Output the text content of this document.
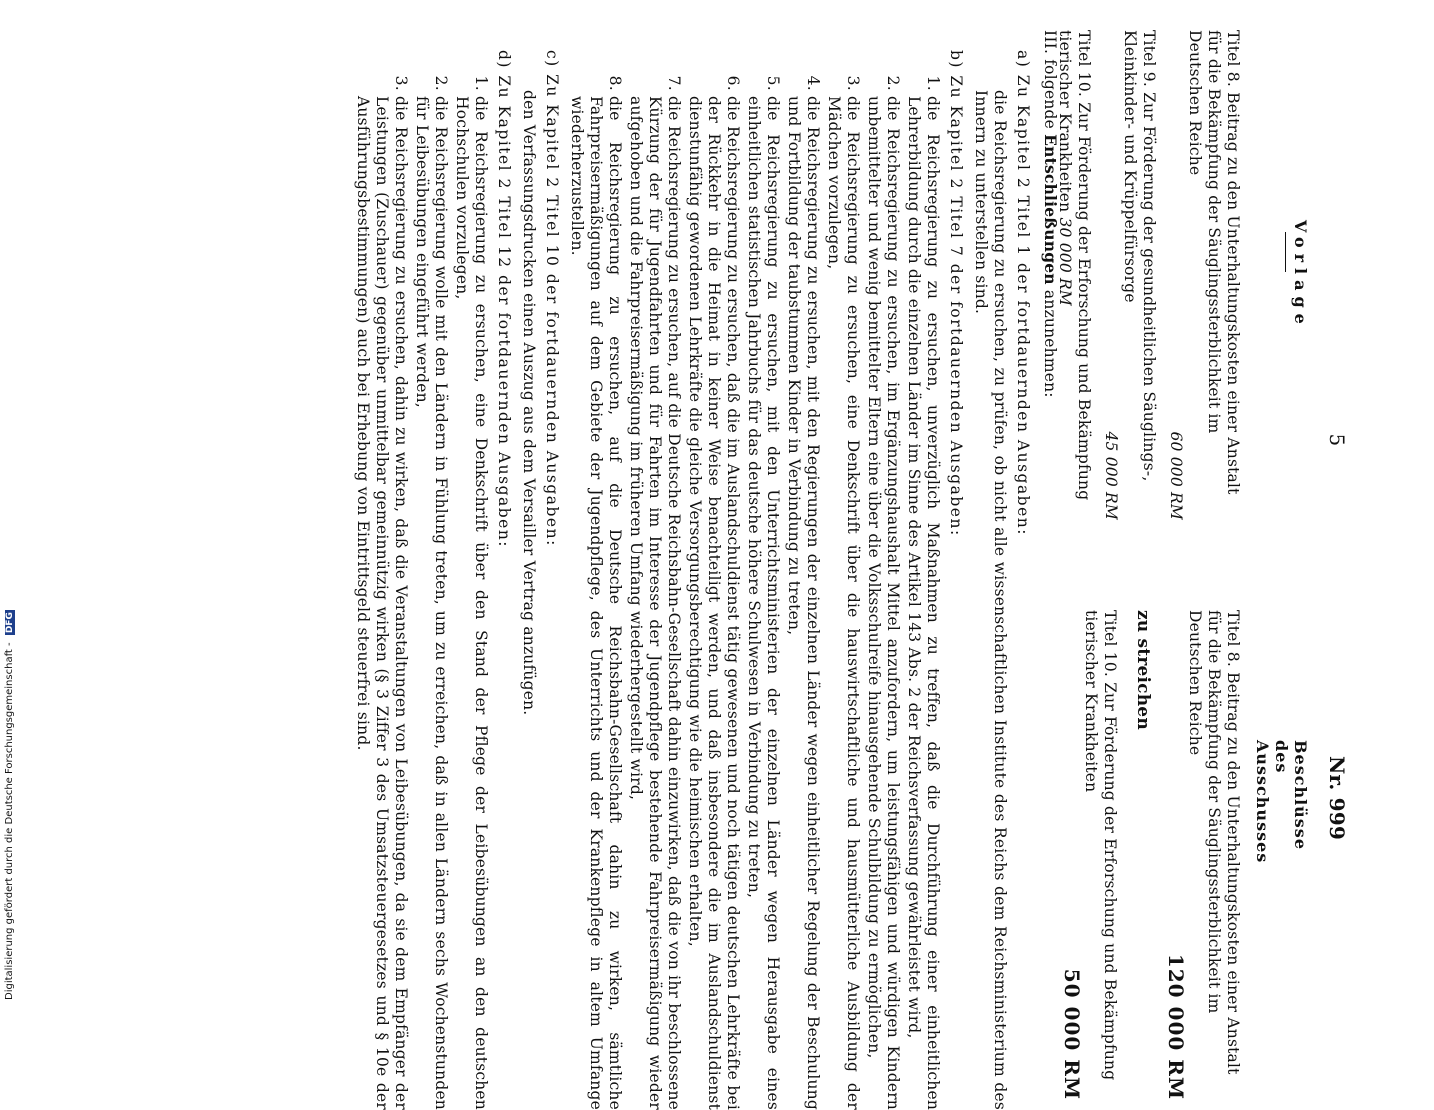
5
Nr. 999
Vorlage
Beschlüsse des Ausschusses
Titel 8. Beitrag zu den Unterhaltungskosten einer Anstalt für die Bekämpfung der Säuglingssterblichkeit im Deutschen Reiche
60 000 RM
Titel 9. Zur Förderung der gesundheitlichen Säuglings-, Kleinkinder- und Krüppelfürsorge
45 000 RM
Titel 10. Zur Förderung der Erforschung und Bekämpfung tierischer Krankheiten 30 000 RM
Titel 8. Beitrag zu den Unterhaltungskosten einer Anstalt für die Bekämpfung der Säuglingssterblichkeit im Deutschen Reiche
120 000 RM
zu streichen
Titel 10. Zur Förderung der Erforschung und Bekämpfung tierischer Krankheiten
50 000 RM
III. folgende Entschließungen anzunehmen:
a) Zu Kapitel 2 Titel 1 der fortdauernden Ausgaben:
die Reichsregierung zu ersuchen, zu prüfen, ob nicht alle wissenschaftlichen Institute des Reichs dem Reichsministerium des Innern zu unterstellen sind.
b) Zu Kapitel 2 Titel 7 der fortdauernden Ausgaben:
1. die Reichsregierung zu ersuchen, unverzüglich Maßnahmen zu treffen, daß die Durchführung einer einheitlichen Lehrerbildung durch die einzelnen Länder im Sinne des Artikel 143 Abs. 2 der Reichsverfassung gewährleistet wird,
2. die Reichsregierung zu ersuchen, im Ergänzungshaushalt Mittel anzufordern, um leistungsfähigen und würdigen Kindern unbemittelter und wenig bemittelter Eltern eine über die Volksschulreife hinausgehende Schulbildung zu ermöglichen,
3. die Reichsregierung zu ersuchen, eine Denkschrift über die hauswirtschaftliche und hausmütterliche Ausbildung der Mädchen vorzulegen,
4. die Reichsregierung zu ersuchen, mit den Regierungen der einzelnen Länder wegen einheitlicher Regelung der Beschulung und Fortbildung der taubstummen Kinder in Verbindung zu treten,
5. die Reichsregierung zu ersuchen, mit den Unterrichtsministerien der einzelnen Länder wegen Herausgabe eines einheitlichen statistischen Jahrbuchs für das deutsche höhere Schulwesen in Verbindung zu treten,
6. die Reichsregierung zu ersuchen, daß die im Auslandschuldienst tätig gewesenen und noch tätigen deutschen Lehrkräfte bei der Rückkehr in die Heimat in keiner Weise benachteiligt werden, und daß insbesondere die im Auslandschuldienst dienstunfähig gewordenen Lehrkräfte die gleiche Versorgungsberechtigung wie die heimischen erhalten,
7. die Reichsregierung zu ersuchen, auf die Deutsche Reichsbahn-Gesellschaft dahin einzuwirken, daß die von ihr beschlossene Kürzung der für Jugendfahrten und für Fahrten im Interesse der Jugendpflege bestehende Fahrpreisermäßigung wieder aufgehoben und die Fahrpreisermäßigung im früheren Umfang wiederhergestellt wird,
8. die Reichsregierung zu ersuchen, auf die Deutsche Reichsbahn-Gesellschaft dahin zu wirken, sämtliche Fahrpreisermäßigungen auf dem Gebiete der Jugendpflege, des Unterrichts und der Krankenpflege in altem Umfange wiederherzustellen.
c) Zu Kapitel 2 Titel 10 der fortdauernden Ausgaben:
den Verfassungsdrucken einen Auszug aus dem Versailler Vertrag anzufügen.
d) Zu Kapitel 2 Titel 12 der fortdauernden Ausgaben:
1. die Reichsregierung zu ersuchen, eine Denkschrift über den Stand der Pflege der Leibesübungen an den deutschen Hochschulen vorzulegen,
2. die Reichsregierung wolle mit den Ländern in Fühlung treten, um zu erreichen, daß in allen Ländern sechs Wochenstunden für Leibesübungen eingeführt werden,
3. die Reichsregierung zu ersuchen, dahin zu wirken, daß die Veranstaltungen von Leibesübungen, da sie dem Empfänger der Leistungen (Zuschauer) gegenüber unmittelbar gemeinnützig wirken (§ 3 Ziffer 3 des Umsatzsteuergesetzes und § 10e der Ausführungsbestimmungen) auch bei Erhebung von Eintrittsgeld steuerfrei sind.
Digitalisierung gefördert durch die Deutsche Forschungsgemeinschaft - DFG
